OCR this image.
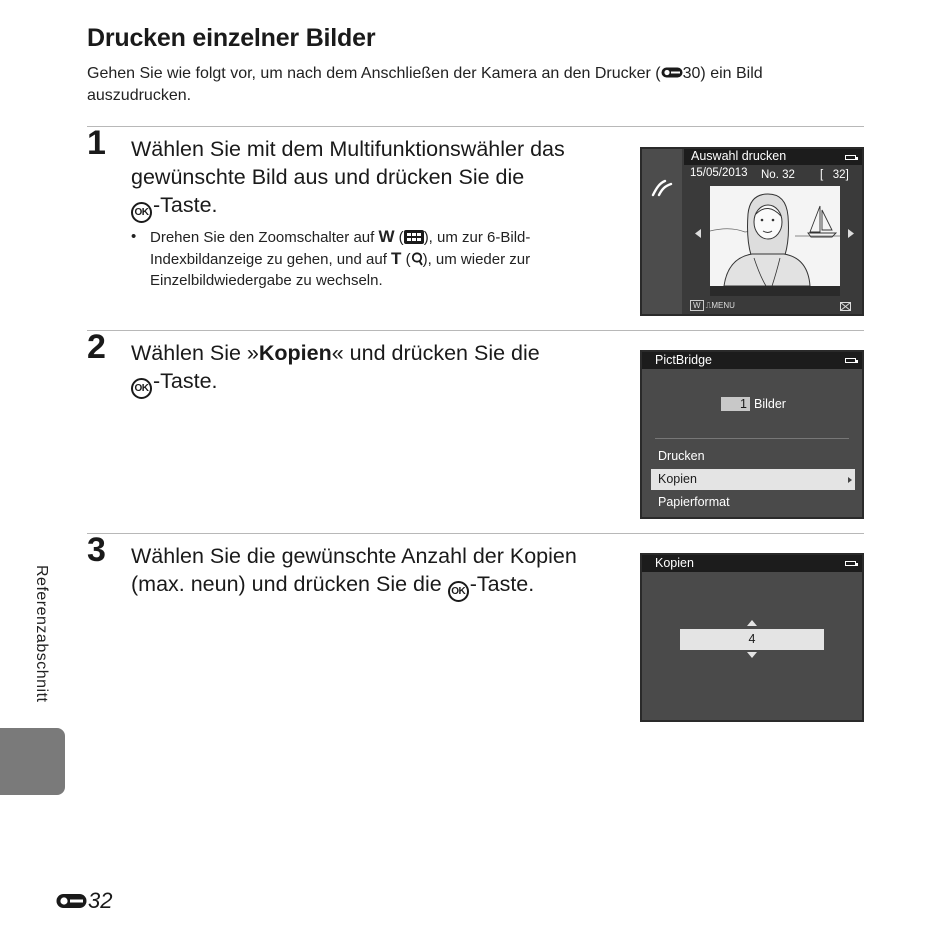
Drucken einzelner Bilder
Gehen Sie wie folgt vor, um nach dem Anschließen der Kamera an den Drucker ( 30) ein Bild
auszudrucken.
1 Wählen Sie mit dem Multifunktionswähler das
gewünschte Bild aus und drücken Sie die
OK -Taste.
• Drehen Sie den Zoomschalter auf W ( ), um zur 6-Bild-
Indexbildanzeige zu gehen, und auf T ( ), um wieder zur
Einzelbildwiedergabe zu wechseln.
Auswahl drucken
15/05/2013 No. 32 [   32]
W ⎍MENU
2 Wählen Sie »Kopien« und drücken Sie die
OK -Taste.
PictBridge
1 Bilder
Drucken
Kopien
Papierformat
3 Wählen Sie die gewünschte Anzahl der Kopien
(max. neun) und drücken Sie die OK -Taste.
Kopien
4
Referenzabschnitt
32
